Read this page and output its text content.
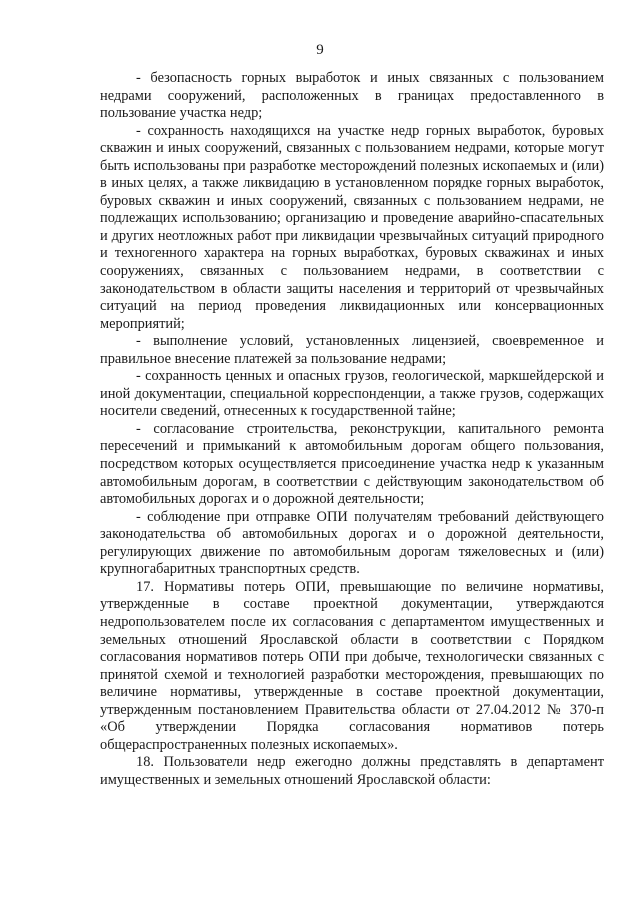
9

- безопасность горных выработок и иных связанных с пользованием недрами сооружений, расположенных в границах предоставленного в пользование участка недр;

- сохранность находящихся на участке недр горных выработок, буровых скважин и иных сооружений, связанных с пользованием недрами, которые могут быть использованы при разработке месторождений полезных ископаемых и (или) в иных целях, а также ликвидацию в установленном порядке горных выработок, буровых скважин и иных сооружений, связанных с пользованием недрами, не подлежащих использованию; организацию и проведение аварийно-спасательных и других неотложных работ при ликвидации чрезвычайных ситуаций природного и техногенного характера на горных выработках, буровых скважинах и иных сооружениях, связанных с пользованием недрами, в соответствии с законодательством в области защиты населения и территорий от чрезвычайных ситуаций на период проведения ликвидационных или консервационных мероприятий;

- выполнение условий, установленных лицензией, своевременное и правильное внесение платежей за пользование недрами;

- сохранность ценных и опасных грузов, геологической, маркшейдерской и иной документации, специальной корреспонденции, а также грузов, содержащих носители сведений, отнесенных к государственной тайне;

- согласование строительства, реконструкции, капитального ремонта пересечений и примыканий к автомобильным дорогам общего пользования, посредством которых осуществляется присоединение участка недр к указанным автомобильным дорогам, в соответствии с действующим законодательством об автомобильных дорогах и о дорожной деятельности;

- соблюдение при отправке ОПИ получателям требований действующего законодательства об автомобильных дорогах и о дорожной деятельности, регулирующих движение по автомобильным дорогам тяжеловесных и (или) крупногабаритных транспортных средств.

17. Нормативы потерь ОПИ, превышающие по величине нормативы, утвержденные в составе проектной документации, утверждаются недропользователем после их согласования с департаментом имущественных и земельных отношений Ярославской области в соответствии с Порядком согласования нормативов потерь ОПИ при добыче, технологически связанных с принятой схемой и технологией разработки месторождения, превышающих по величине нормативы, утвержденные в составе проектной документации, утвержденным постановлением Правительства области от 27.04.2012 № 370-п «Об утверждении Порядка согласования нормативов потерь общераспространенных полезных ископаемых».

18. Пользователи недр ежегодно должны представлять в департамент имущественных и земельных отношений Ярославской области:
